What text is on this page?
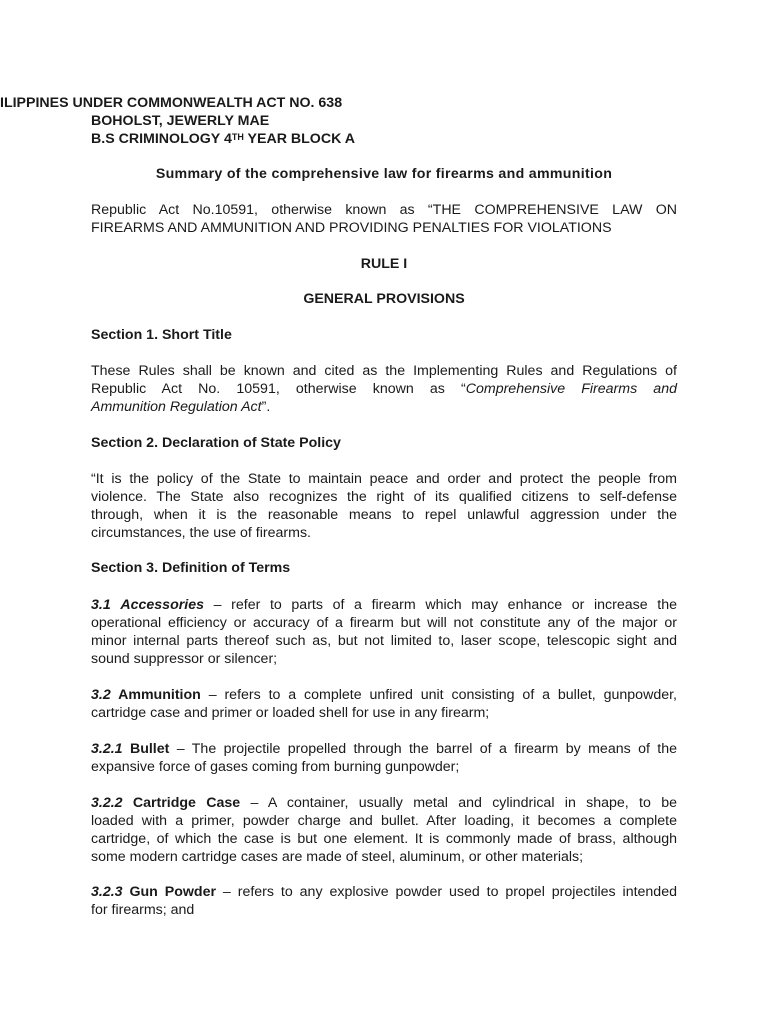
ILIPPINES UNDER COMMONWEALTH ACT NO. 638
BOHOLST, JEWERLY MAE
B.S CRIMINOLOGY 4TH YEAR BLOCK A
Summary of the comprehensive law for firearms and ammunition
Republic Act No.10591, otherwise known as “THE COMPREHENSIVE LAW ON
FIREARMS AND AMMUNITION AND PROVIDING PENALTIES FOR VIOLATIONS
RULE I
GENERAL PROVISIONS
Section 1. Short Title
These Rules shall be known and cited as the Implementing Rules and Regulations of
Republic Act No. 10591, otherwise known as “Comprehensive Firearms and
Ammunition Regulation Act”.
Section 2. Declaration of State Policy
“It is the policy of the State to maintain peace and order and protect the people from
violence. The State also recognizes the right of its qualified citizens to self-defense
through, when it is the reasonable means to repel unlawful aggression under the
circumstances, the use of firearms.
Section 3. Definition of Terms
3.1 Accessories – refer to parts of a firearm which may enhance or increase the
operational efficiency or accuracy of a firearm but will not constitute any of the major or
minor internal parts thereof such as, but not limited to, laser scope, telescopic sight and
sound suppressor or silencer;
3.2 Ammunition – refers to a complete unfired unit consisting of a bullet, gunpowder,
cartridge case and primer or loaded shell for use in any firearm;
3.2.1 Bullet – The projectile propelled through the barrel of a firearm by means of the
expansive force of gases coming from burning gunpowder;
3.2.2 Cartridge Case – A container, usually metal and cylindrical in shape, to be
loaded with a primer, powder charge and bullet. After loading, it becomes a complete
cartridge, of which the case is but one element. It is commonly made of brass, although
some modern cartridge cases are made of steel, aluminum, or other materials;
3.2.3 Gun Powder – refers to any explosive powder used to propel projectiles intended
for firearms; and
